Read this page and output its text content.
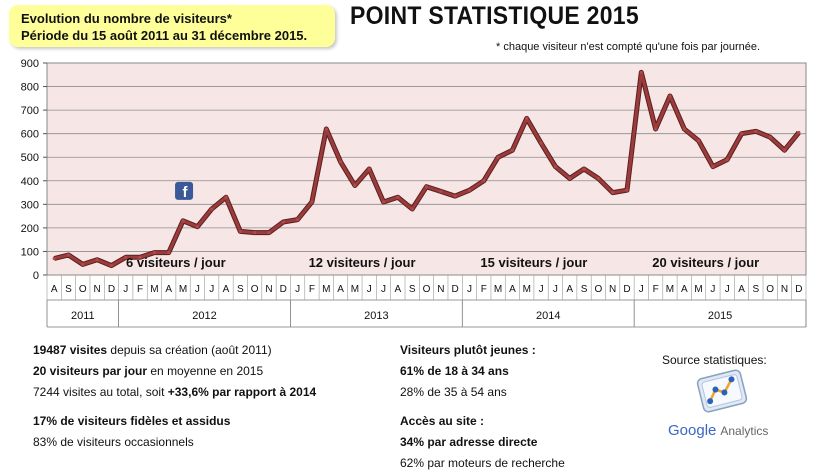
Evolution du nombre de visiteurs*
Période du 15 août 2011 au 31 décembre 2015.
POINT STATISTIQUE 2015
* chaque visiteur n'est compté qu'une fois par journée.
0
100
200
300
400
500
600
700
800
900
6 visiteurs / jour	12 visiteurs / jour	15 visiteurs / jour	20 visiteurs / jour
f
A S O N D J F M A M J J A S O N D J F M A M J J A S O N D J F M A M J J A S O N D J F M A M J J A S O N D
2011	2012	2013	2014	2015
19487 visites depuis sa création (août 2011)
20 visiteurs par jour en moyenne en 2015
7244 visites au total, soit +33,6% par rapport à 2014
17% de visiteurs fidèles et assidus
83% de visiteurs occasionnels
Visiteurs plutôt jeunes :
61% de 18 à 34 ans
28% de 35 à 54 ans
Accès au site :
34% par adresse directe
62% par moteurs de recherche
Source statistiques:
Google Analytics
